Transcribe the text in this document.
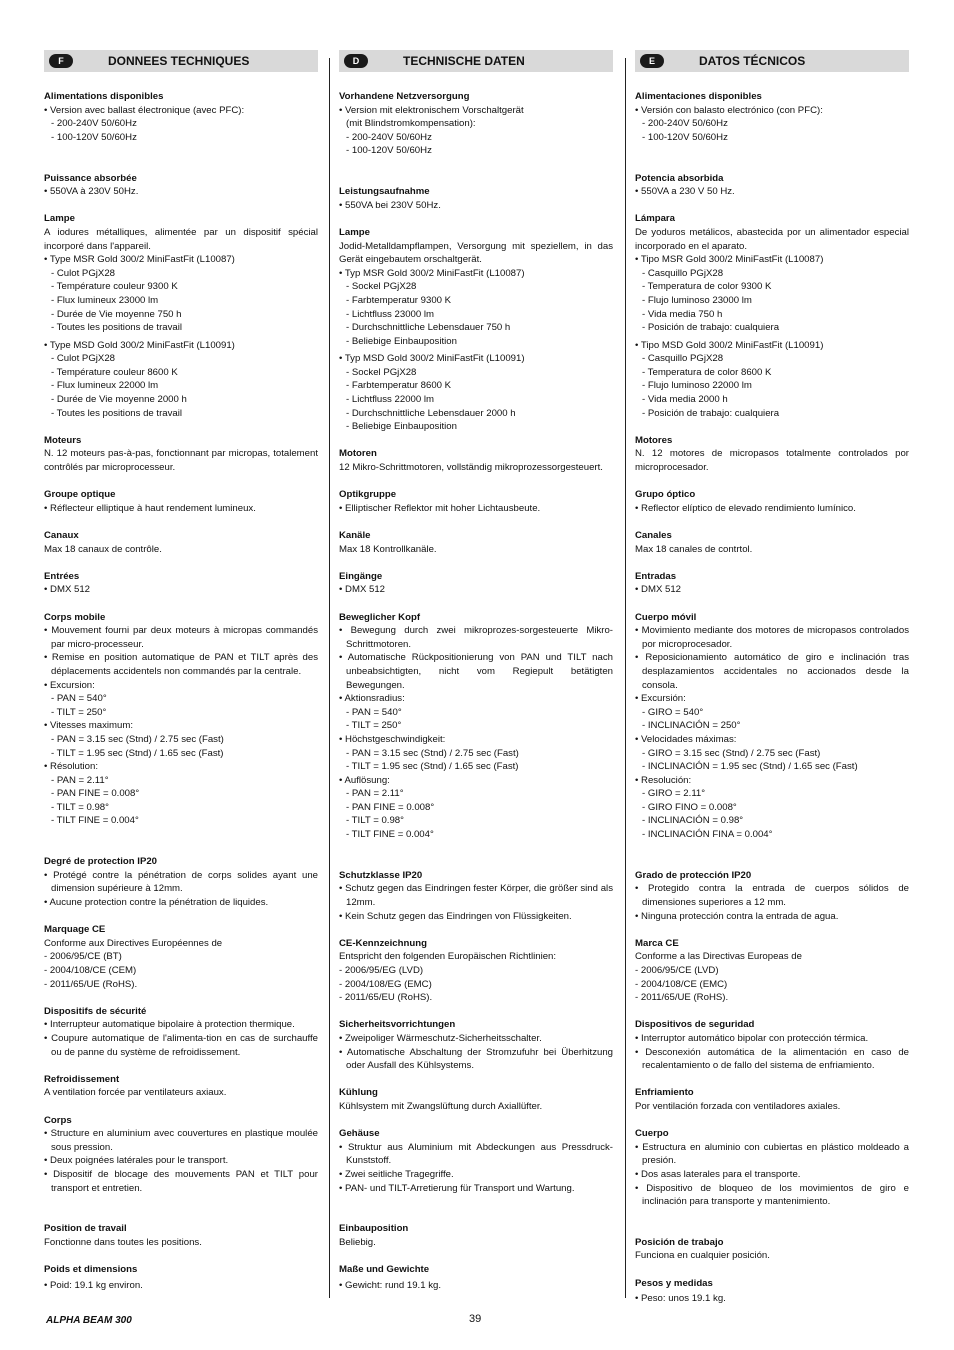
ALPHA BEAM 300	39
F	DONNEES TECHNIQUES
Alimentations disponibles
• Version avec ballast électronique (avec PFC):
- 200-240V 50/60Hz
- 100-120V 50/60Hz
Puissance absorbée
• 550VA à 230V 50Hz.
Lampe
A iodures métalliques, alimentée par un dispositif spécial incorporé dans l'appareil.
• Type MSR Gold 300/2 MiniFastFit (L10087)
- Culot PGjX28
- Température couleur 9300 K
- Flux lumineux 23000 lm
- Durée de Vie moyenne 750 h
- Toutes les positions de travail
• Type MSD Gold 300/2 MiniFastFit (L10091)
- Culot PGjX28
- Température couleur 8600 K
- Flux lumineux 22000 lm
- Durée de Vie moyenne 2000 h
- Toutes les positions de travail
Moteurs
N. 12 moteurs pas-à-pas, fonctionnant par micropas, totalement contrôlés par microprocesseur.
Groupe optique
• Réflecteur elliptique à haut rendement lumineux.
Canaux
Max 18 canaux de contrôle.
Entrées
• DMX 512
Corps mobile
• Mouvement fourni par deux moteurs à micropas commandés par micro-processeur.
• Remise en position automatique de PAN et TILT après des déplacements accidentels non commandés par la centrale.
• Excursion:
- PAN = 540°
- TILT = 250°
• Vitesses maximum:
- PAN = 3.15 sec (Stnd) / 2.75 sec (Fast)
- TILT = 1.95 sec (Stnd) / 1.65 sec (Fast)
• Résolution:
- PAN = 2.11°
- PAN FINE = 0.008°
- TILT = 0.98°
- TILT FINE = 0.004°
Degré de protection IP20
• Protégé contre la pénétration de corps solides ayant une dimension supérieure à 12mm.
• Aucune protection contre la pénétration de liquides.
Marquage CE
Conforme aux Directives Européennes de
- 2006/95/CE (BT)
- 2004/108/CE (CEM)
- 2011/65/UE (RoHS).
Dispositifs de sécurité
• Interrupteur automatique bipolaire à protection thermique.
• Coupure automatique de l'alimenta-tion en cas de surchauffe ou de panne du système de refroidissement.
Refroidissement
A ventilation forcée par ventilateurs axiaux.
Corps
• Structure en aluminium avec couvertures en plastique moulée sous pression.
• Deux poignées latérales pour le transport.
• Dispositif de blocage des mouvements PAN et TILT pour transport et entretien.
Position de travail
Fonctionne dans toutes les positions.
Poids et dimensions
• Poid: 19.1 kg environ.
D	TECHNISCHE DATEN
Vorhandene Netzversorgung
• Version mit elektronischem Vorschaltgerät
(mit Blindstromkompensation):
- 200-240V 50/60Hz
- 100-120V 50/60Hz
Leistungsaufnahme
• 550VA bei 230V 50Hz.
Lampe
Jodid-Metalldampflampen, Versorgung mit speziellem, in das Gerät eingebautem orschaltgerät.
• Typ MSR Gold 300/2 MiniFastFit (L10087)
- Sockel PGjX28
- Farbtemperatur 9300 K
- Lichtfluss 23000 lm
- Durchschnittliche Lebensdauer 750 h
- Beliebige Einbauposition
• Typ MSD Gold 300/2 MiniFastFit (L10091)
- Sockel PGjX28
- Farbtemperatur 8600 K
- Lichtfluss 22000 lm
- Durchschnittliche Lebensdauer 2000 h
- Beliebige Einbauposition
Motoren
12 Mikro-Schrittmotoren, vollständig mikroprozessorgesteuert.
Optikgruppe
• Elliptischer Reflektor mit hoher Lichtausbeute.
Kanäle
Max 18 Kontrollkanäle.
Eingänge
• DMX 512
Beweglicher Kopf
• Bewegung durch zwei mikroprozes-sorgesteuerte Mikro-Schrittmotoren.
• Automatische Rückpositionierung von PAN und TILT nach unbeabsichtigten, nicht vom Regiepult betätigten Bewegungen.
• Aktionsradius:
- PAN = 540°
- TILT = 250°
• Höchstgeschwindigkeit:
- PAN = 3.15 sec (Stnd) / 2.75 sec (Fast)
- TILT = 1.95 sec (Stnd) / 1.65 sec (Fast)
• Auflösung:
- PAN = 2.11°
- PAN FINE = 0.008°
- TILT = 0.98°
- TILT FINE = 0.004°
Schutzklasse IP20
• Schutz gegen das Eindringen fester Körper, die größer sind als 12mm.
• Kein Schutz gegen das Eindringen von Flüssigkeiten.
CE-Kennzeichnung
Entspricht den folgenden Europäischen Richtlinien:
- 2006/95/EG (LVD)
- 2004/108/EG (EMC)
- 2011/65/EU (RoHS).
Sicherheitsvorrichtungen
• Zweipoliger Wärmeschutz-Sicherheitsschalter.
• Automatische Abschaltung der Stromzufuhr bei Überhitzung oder Ausfall des Kühlsystems.
Kühlung
Kühlsystem mit Zwangslüftung durch Axiallüfter.
Gehäuse
• Struktur aus Aluminium mit Abdeckungen aus Pressdruck-Kunststoff.
• Zwei seitliche Tragegriffe.
• PAN- und TILT-Arretierung für Transport und Wartung.
Einbauposition
Beliebig.
Maße und Gewichte
• Gewicht: rund 19.1 kg.
E	DATOS TÉCNICOS
Alimentaciones disponibles
• Versión con balasto electrónico (con PFC):
- 200-240V 50/60Hz
- 100-120V 50/60Hz
Potencia absorbida
• 550VA a 230 V 50 Hz.
Lámpara
De yoduros metálicos, abastecida por un alimentador especial incorporado en el aparato.
• Tipo MSR Gold 300/2 MiniFastFit (L10087)
- Casquillo PGjX28
- Temperatura de color 9300 K
- Flujo luminoso 23000 lm
- Vida media 750 h
- Posición de trabajo: cualquiera
• Tipo MSD Gold 300/2 MiniFastFit (L10091)
- Casquillo PGjX28
- Temperatura de color 8600 K
- Flujo luminoso 22000 lm
- Vida media 2000 h
- Posición de trabajo: cualquiera
Motores
N. 12 motores de micropasos totalmente controlados por microprocesador.
Grupo óptico
• Reflector elíptico de elevado rendimiento lumínico.
Canales
Max 18 canales de contrtol.
Entradas
• DMX 512
Cuerpo móvil
• Movimiento mediante dos motores de micropasos controlados por microprocesador.
• Reposicionamiento automático de giro e inclinación tras desplazamientos accidentales no accionados desde la consola.
• Excursión:
- GIRO = 540°
- INCLINACIÓN = 250°
• Velocidades máximas:
- GIRO = 3.15 sec (Stnd) / 2.75 sec (Fast)
- INCLINACIÓN = 1.95 sec (Stnd) / 1.65 sec (Fast)
• Resolución:
- GIRO = 2.11°
- GIRO FINO = 0.008°
- INCLINACIÓN = 0.98°
- INCLINACIÓN FINA = 0.004°
Grado de protección IP20
• Protegido contra la entrada de cuerpos sólidos de dimensiones superiores a 12 mm.
• Ninguna protección contra la entrada de agua.
Marca CE
Conforme a las Directivas Europeas de
- 2006/95/CE (LVD)
- 2004/108/CE (EMC)
- 2011/65/UE (RoHS).
Dispositivos de seguridad
• Interruptor automático bipolar con protección térmica.
• Desconexión automática de la alimentación en caso de recalentamiento o de fallo del sistema de enfriamiento.
Enfriamiento
Por ventilación forzada con ventiladores axiales.
Cuerpo
• Estructura en aluminio con cubiertas en plástico moldeado a presión.
• Dos asas laterales para el transporte.
• Dispositivo de bloqueo de los movimientos de giro e inclinación para transporte y mantenimiento.
Posición de trabajo
Funciona en cualquier posición.
Pesos y medidas
• Peso: unos 19.1 kg.
